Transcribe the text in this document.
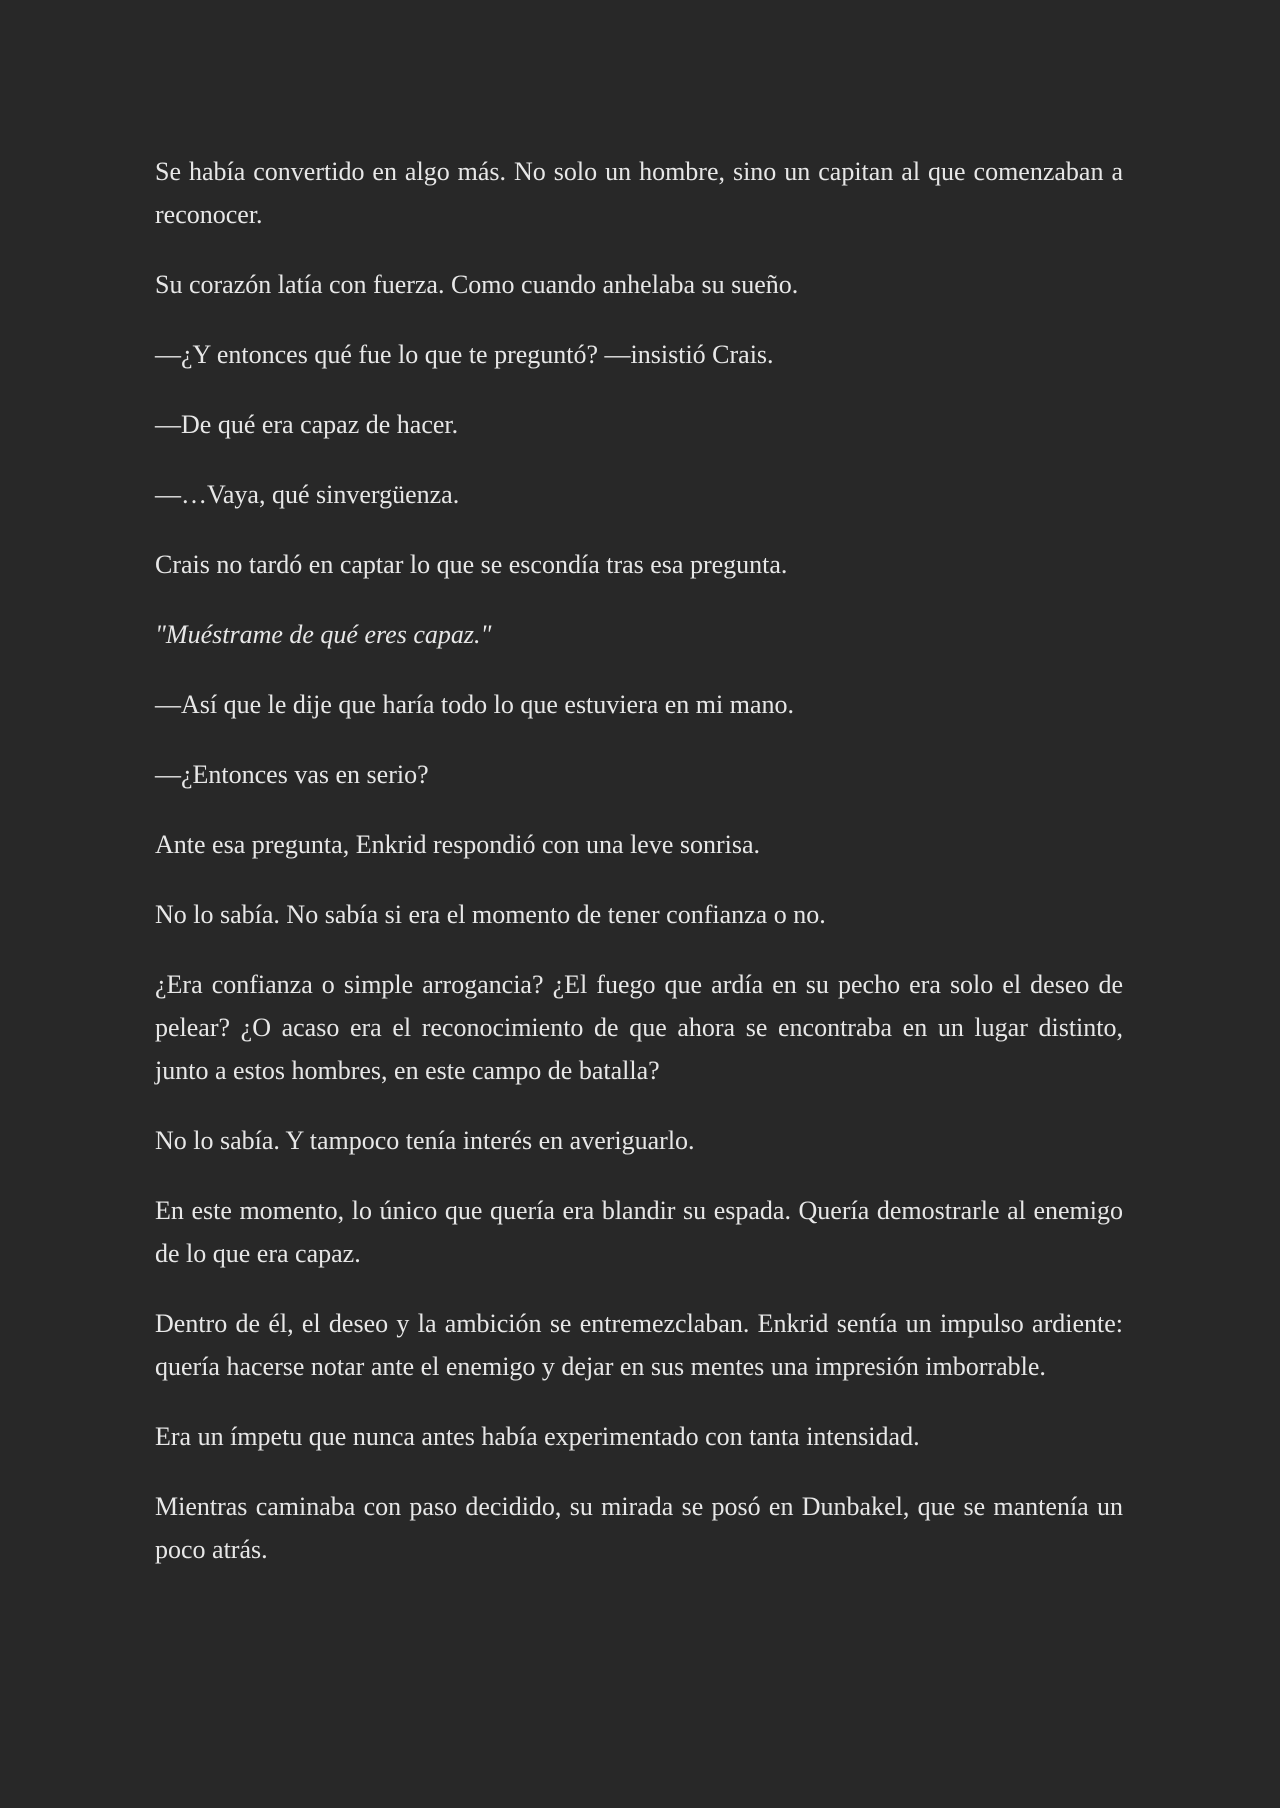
Se había convertido en algo más. No solo un hombre, sino un capitan al que comenzaban a reconocer.

Su corazón latía con fuerza. Como cuando anhelaba su sueño.

—¿Y entonces qué fue lo que te preguntó? —insistió Crais.

—De qué era capaz de hacer.

—…Vaya, qué sinvergüenza.

Crais no tardó en captar lo que se escondía tras esa pregunta.

"Muéstrame de qué eres capaz."

—Así que le dije que haría todo lo que estuviera en mi mano.

—¿Entonces vas en serio?

Ante esa pregunta, Enkrid respondió con una leve sonrisa.

No lo sabía. No sabía si era el momento de tener confianza o no.

¿Era confianza o simple arrogancia? ¿El fuego que ardía en su pecho era solo el deseo de pelear? ¿O acaso era el reconocimiento de que ahora se encontraba en un lugar distinto, junto a estos hombres, en este campo de batalla?

No lo sabía. Y tampoco tenía interés en averiguarlo.

En este momento, lo único que quería era blandir su espada. Quería demostrarle al enemigo de lo que era capaz.

Dentro de él, el deseo y la ambición se entremezclaban. Enkrid sentía un impulso ardiente: quería hacerse notar ante el enemigo y dejar en sus mentes una impresión imborrable.

Era un ímpetu que nunca antes había experimentado con tanta intensidad.

Mientras caminaba con paso decidido, su mirada se posó en Dunbakel, que se mantenía un poco atrás.
